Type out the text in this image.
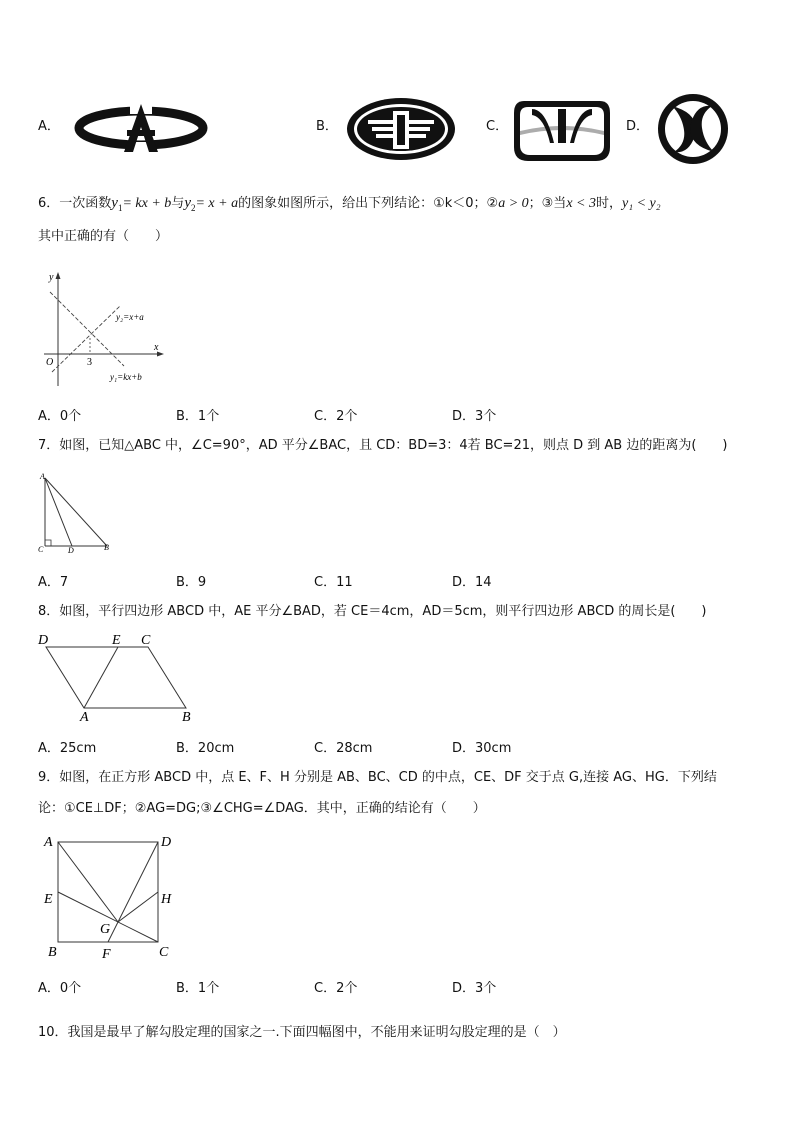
A．	B．	C．	D．
6．一次函数$y_1=$ kx + b与$y_2= x + a$的图象如图所示，给出下列结论：①k＜0；②a > 0；③当x < 3时，y₁ < y₂
其中正确的有（　　）
y
x
O	3
y₂=x+a
y₁=kx+b
A．0个	B．1个	C．2个	D．3个
7．如图，已知△ABC 中，∠C=90°，AD 平分∠BAC，且 CD：BD=3：4若 BC=21，则点 D 到 AB 边的距离为(　　)
A
C	D	B
A．7	B．9	C．11	D．14
8．如图，平行四边形 ABCD 中，AE 平分∠BAD，若 CE＝4cm，AD＝5cm，则平行四边形 ABCD 的周长是(　　)
D	E C
A	B
A．25cm	B．20cm	C．28cm	D．30cm
9．如图，在正方形 ABCD 中，点 E、F、H 分别是 AB、BC、CD 的中点，CE、DF 交于点 G,连接 AG、HG．下列结
论：①CE⊥DF；②AG=DG;③∠CHG=∠DAG．其中，正确的结论有（　　）
A	D
E	H
G
B	F	C
A．0个	B．1个	C．2个	D．3个
10．我国是最早了解勾股定理的国家之一.下面四幅图中，不能用来证明勾股定理的是（　）
